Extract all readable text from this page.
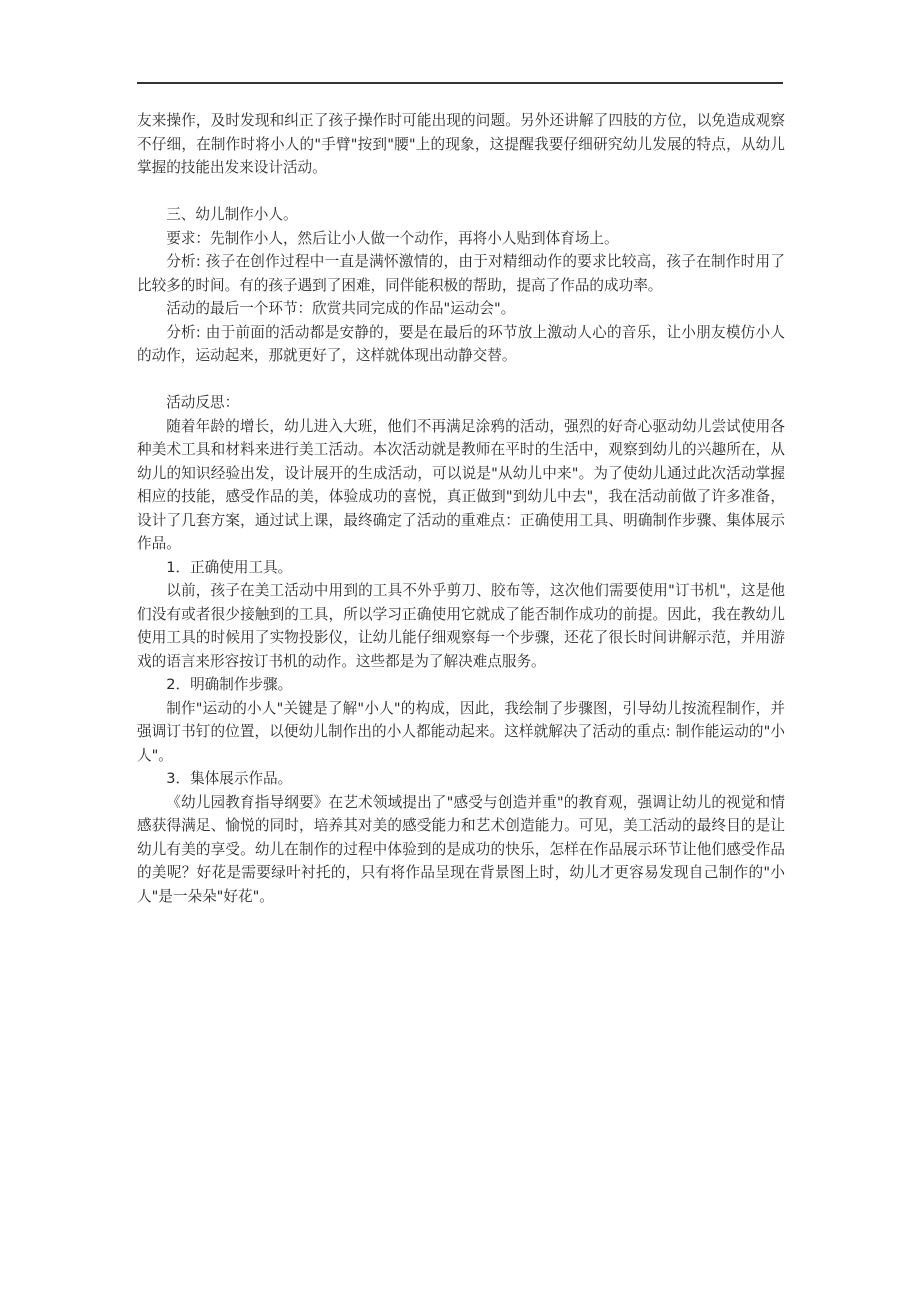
友来操作，及时发现和纠正了孩子操作时可能出现的问题。另外还讲解了四肢的方位，以免造成观察不仔细，在制作时将小人的"手臂"按到"腰"上的现象，这提醒我要仔细研究幼儿发展的特点，从幼儿掌握的技能出发来设计活动。

三、幼儿制作小人。

要求：先制作小人，然后让小人做一个动作，再将小人贴到体育场上。

分析: 孩子在创作过程中一直是满怀激情的，由于对精细动作的要求比较高，孩子在制作时用了比较多的时间。有的孩子遇到了困难，同伴能积极的帮助，提高了作品的成功率。

活动的最后一个环节：欣赏共同完成的作品"运动会"。

分析: 由于前面的活动都是安静的，要是在最后的环节放上激动人心的音乐，让小朋友模仿小人的动作，运动起来，那就更好了，这样就体现出动静交替。

活动反思：

随着年龄的增长，幼儿进入大班，他们不再满足涂鸦的活动，强烈的好奇心驱动幼儿尝试使用各种美术工具和材料来进行美工活动。本次活动就是教师在平时的生活中，观察到幼儿的兴趣所在，从幼儿的知识经验出发，设计展开的生成活动，可以说是"从幼儿中来"。为了使幼儿通过此次活动掌握相应的技能，感受作品的美，体验成功的喜悦，真正做到"到幼儿中去"，我在活动前做了许多准备，设计了几套方案，通过试上课，最终确定了活动的重难点：正确使用工具、明确制作步骤、集体展示作品。

1．正确使用工具。

以前，孩子在美工活动中用到的工具不外乎剪刀、胶布等，这次他们需要使用"订书机"，这是他们没有或者很少接触到的工具，所以学习正确使用它就成了能否制作成功的前提。因此，我在教幼儿使用工具的时候用了实物投影仪，让幼儿能仔细观察每一个步骤，还花了很长时间讲解示范，并用游戏的语言来形容按订书机的动作。这些都是为了解决难点服务。

2．明确制作步骤。

制作"运动的小人"关键是了解"小人"的构成，因此，我绘制了步骤图，引导幼儿按流程制作，并强调订书钉的位置，以便幼儿制作出的小人都能动起来。这样就解决了活动的重点: 制作能运动的"小人"。

3．集体展示作品。

《幼儿园教育指导纲要》在艺术领域提出了"感受与创造并重"的教育观，强调让幼儿的视觉和情感获得满足、愉悦的同时，培养其对美的感受能力和艺术创造能力。可见，美工活动的最终目的是让幼儿有美的享受。幼儿在制作的过程中体验到的是成功的快乐，怎样在作品展示环节让他们感受作品的美呢？好花是需要绿叶衬托的，只有将作品呈现在背景图上时，幼儿才更容易发现自己制作的"小人"是一朵朵"好花"。
